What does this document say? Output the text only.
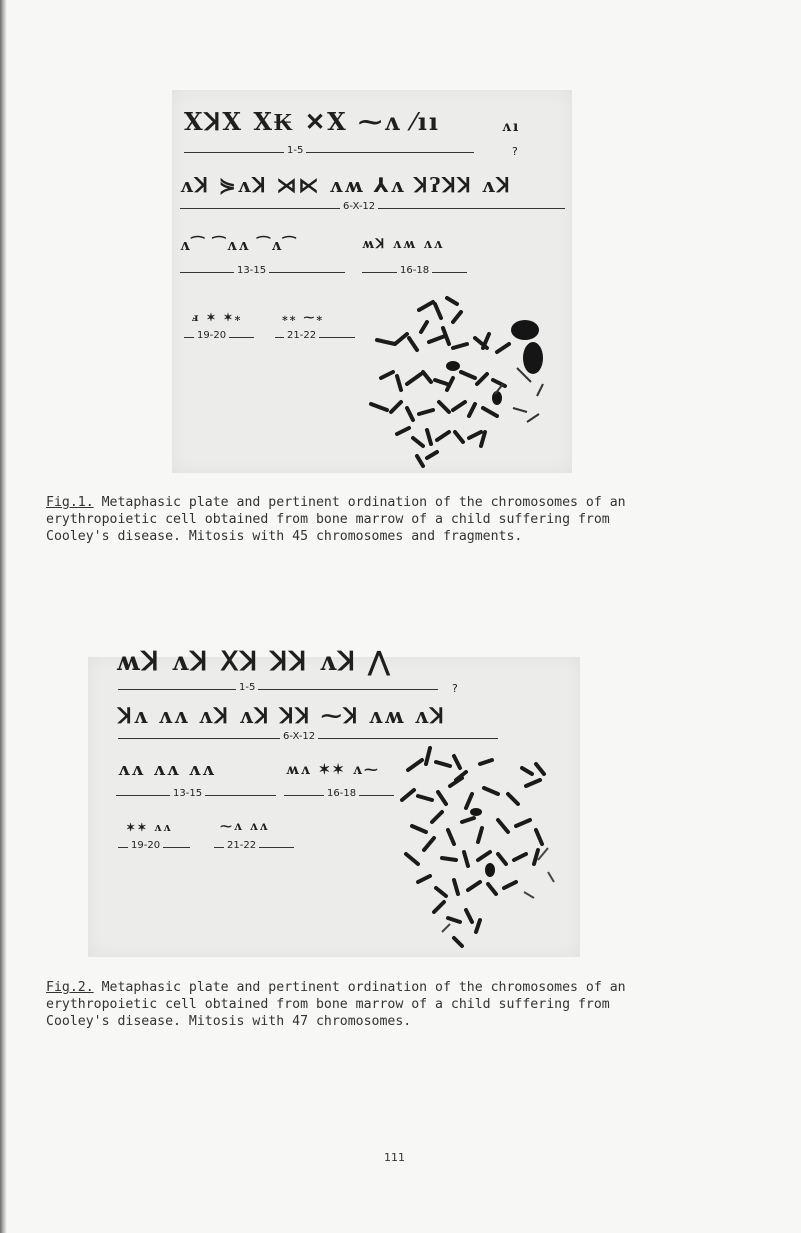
XꓘⅩ Ⅹ₭ ✕Ⅹ ⁓ʌ ⁄ıı	ʌı
1-5	?
ʌꓘ ⋟ʌꓘ ⋊⋉ ʌʍ ⅄ʌ ꓘʔꓘꓘ ʌꓘ
6-X-12
ʌ⁀ ⁀ʌʌ ⁀ʌ⁀
13-15
ʍꓘ ʌʍ ʌʌ
16-18
ⅎ ✶ ✶⁎
19-20
⁎⁎ ⁓⁎
21-22
Fig.1. Metaphasic plate and pertinent ordination of the chromosomes of an
erythropoietic cell obtained from bone marrow of a child suffering from
Cooley's disease. Mitosis with 45 chromosomes and fragments.
ʍꓘ ʌꓘ ꓫꓘ ꓘꓘ ʌꓘ ⋀
1-5	?
ꓘʌ ʌʌ ʌꓘ ʌꓘ ꓘꓘ ⁓ꓘ ʌʍ ʌꓘ
6-X-12
ʌʌ ʌʌ ʌʌ
13-15
ʍʌ ✶✶ ʌ⁓
16-18
✶✶ ʌʌ
19-20
⁓ʌ ʌʌ
21-22
Fig.2. Metaphasic plate and pertinent ordination of the chromosomes of an
erythropoietic cell obtained from bone marrow of a child suffering from
Cooley's disease. Mitosis with 47 chromosomes.
111
